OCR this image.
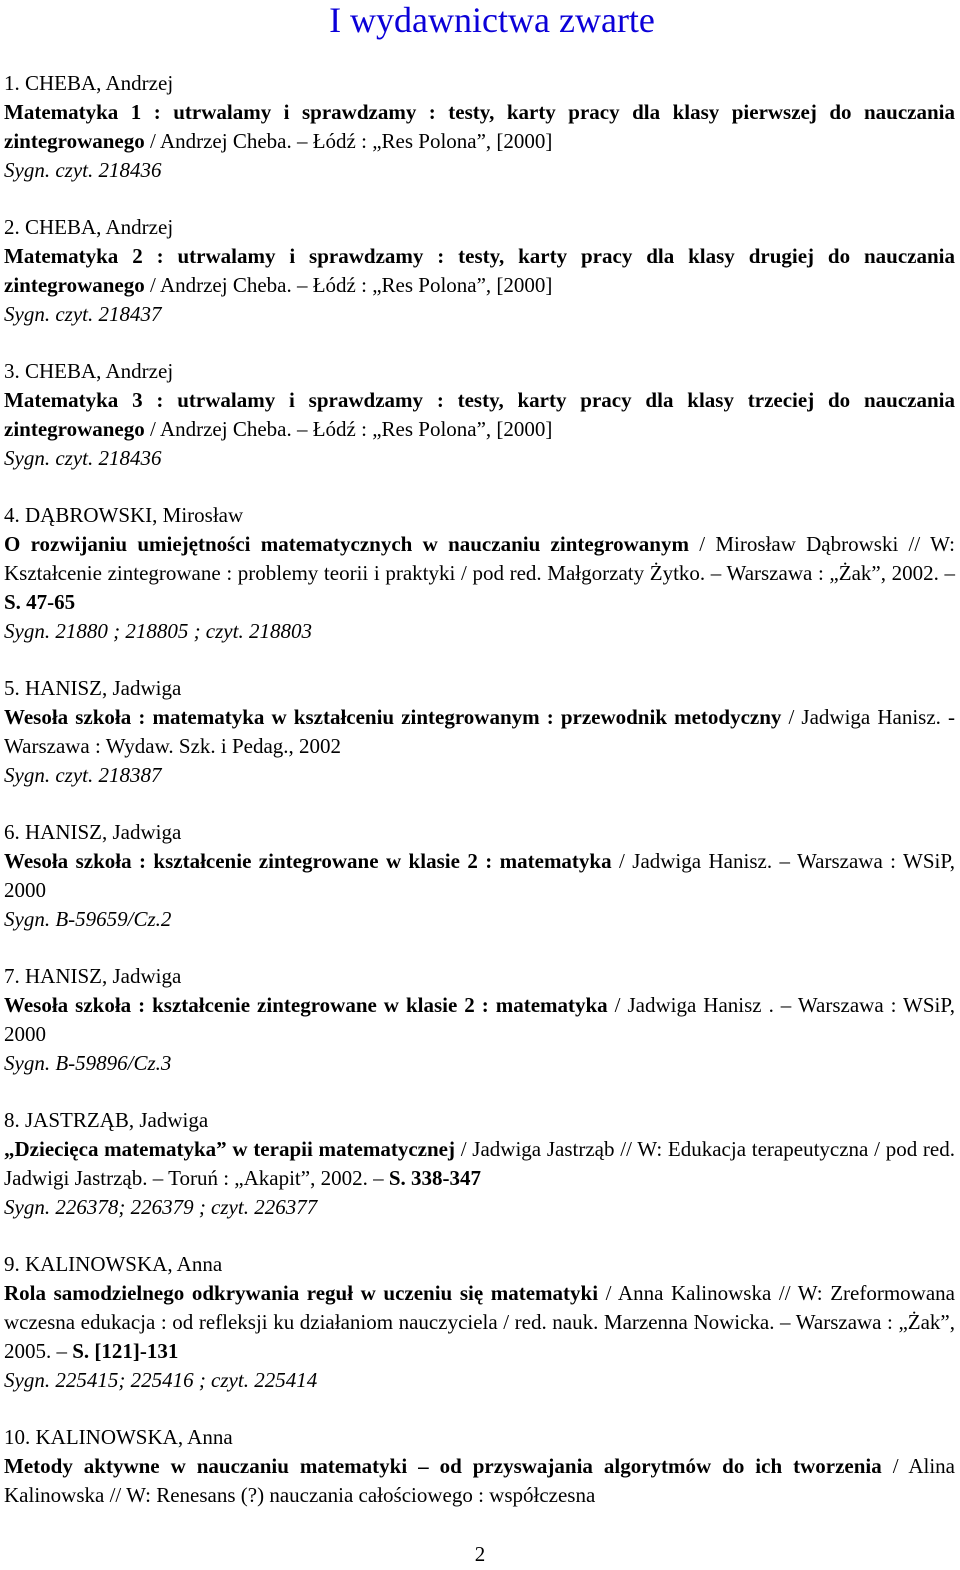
I wydawnictwa zwarte
1. CHEBA, Andrzej
Matematyka 1 : utrwalamy i sprawdzamy : testy, karty pracy dla klasy pierwszej do nauczania zintegrowanego / Andrzej Cheba. – Łódź : „Res Polona”, [2000]
Sygn. czyt. 218436
2. CHEBA, Andrzej
Matematyka 2 : utrwalamy i sprawdzamy : testy, karty pracy dla klasy drugiej do nauczania zintegrowanego / Andrzej Cheba. – Łódź : „Res Polona”, [2000]
Sygn. czyt. 218437
3. CHEBA, Andrzej
Matematyka 3 : utrwalamy i sprawdzamy : testy, karty pracy dla klasy trzeciej do nauczania zintegrowanego / Andrzej Cheba. – Łódź : „Res Polona”, [2000]
Sygn. czyt. 218436
4. DĄBROWSKI, Mirosław
O rozwijaniu umiejętności matematycznych w nauczaniu zintegrowanym / Mirosław Dąbrowski // W: Kształcenie zintegrowane : problemy teorii i praktyki / pod red. Małgorzaty Żytko. – Warszawa : „Żak”, 2002. – S. 47-65
Sygn. 21880 ; 218805 ; czyt. 218803
5. HANISZ, Jadwiga
Wesoła szkoła : matematyka w kształceniu zintegrowanym : przewodnik metodyczny / Jadwiga Hanisz. - Warszawa : Wydaw. Szk. i Pedag., 2002
Sygn. czyt. 218387
6. HANISZ, Jadwiga
Wesoła szkoła : kształcenie zintegrowane w klasie 2 : matematyka / Jadwiga Hanisz. – Warszawa : WSiP, 2000
Sygn. B-59659/Cz.2
7. HANISZ, Jadwiga
Wesoła szkoła : kształcenie zintegrowane w klasie 2 : matematyka / Jadwiga Hanisz . – Warszawa : WSiP, 2000
Sygn. B-59896/Cz.3
8. JASTRZĄB, Jadwiga
„Dziecięca matematyka” w terapii matematycznej / Jadwiga Jastrząb // W: Edukacja terapeutyczna / pod red. Jadwigi Jastrząb. – Toruń : „Akapit”, 2002. – S. 338-347
Sygn. 226378; 226379 ; czyt. 226377
9. KALINOWSKA, Anna
Rola samodzielnego odkrywania reguł w uczeniu się matematyki / Anna Kalinowska // W: Zreformowana wczesna edukacja : od refleksji ku działaniom nauczyciela / red. nauk. Marzenna Nowicka. – Warszawa : „Żak”, 2005. – S. [121]-131
Sygn. 225415; 225416 ; czyt. 225414
10. KALINOWSKA, Anna
Metody aktywne w nauczaniu matematyki – od przyswajania algorytmów do ich tworzenia / Alina Kalinowska // W: Renesans (?) nauczania całościowego : współczesna
2
